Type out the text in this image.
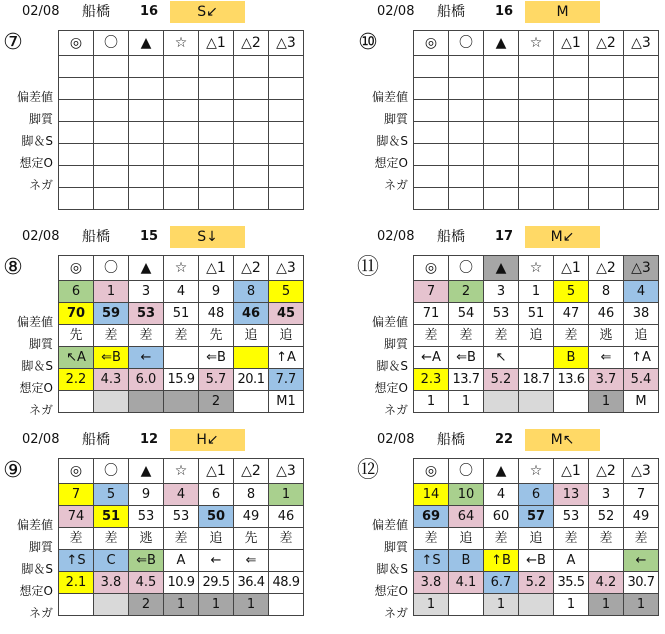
02/08 船橋 16	S↙
⑦
偏差値
脚質
脚＆S
想定O
ネガ
◎	〇	▲	☆	△1	△2	△3

02/08 船橋 16	M
⑩
偏差値
脚質
脚＆S
想定O
ネガ
◎	〇	▲	☆	△1	△2	△3

02/08 船橋 15	S↓
⑧
偏差値
脚質
脚＆S
想定O
ネガ
◎	〇	▲	☆	△1	△2	△3
6	1	3	4	9	8	5
70	59	53	51	48	46	45
先	差	差	差	先	追	追
↖A	⇐B	←		⇐B		↑A
2.2	4.3	6.0	15.9	5.7	20.1	7.7
				2		M1
02/08 船橋 17	M↙
⑪
偏差値
脚質
脚＆S
想定O
ネガ
◎	〇	▲	☆	△1	△2	△3
7	2	3	1	5	8	4
71	54	53	51	47	46	38
差	差	差	追	差	逃	追
←A	⇐B	↖		B	⇐	↑A
2.3	13.7	5.2	18.7	13.6	3.7	5.4
1	1				1	M
02/08 船橋 12	H↙
⑨
偏差値
脚質
脚＆S
想定O
ネガ
◎	〇	▲	☆	△1	△2	△3
7	5	9	4	6	8	1
74	51	53	53	50	49	46
差	差	逃	差	追	先	差
↑S	C	⇐B	A	←	⇐	
2.1	3.8	4.5	10.9	29.5	36.4	48.9
		2	1	1	1	
02/08 船橋 22	M↖
⑫
偏差値
脚質
脚＆S
想定O
ネガ
◎	〇	▲	☆	△1	△2	△3
14	10	4	6	13	3	7
69	64	60	57	53	52	49
差	追	差	追	差	差	差
↑S	B	↑B	←B	A		←
3.8	4.1	6.7	5.2	35.5	4.2	30.7
1		1		1	1	1
